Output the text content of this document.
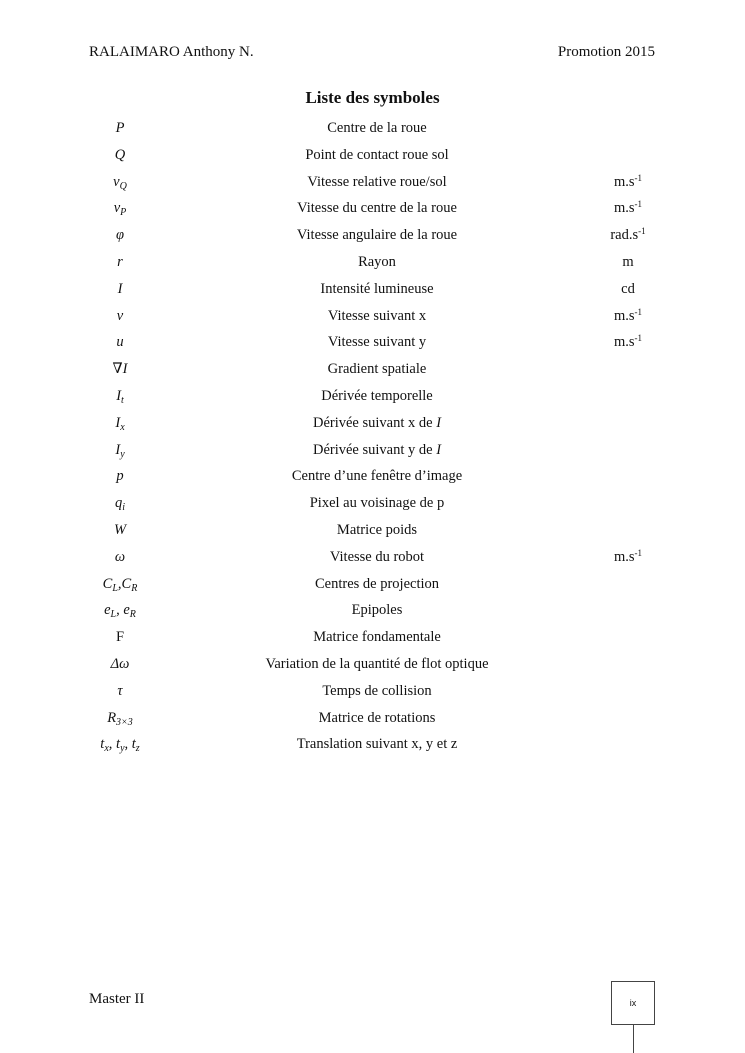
RALAIMARO Anthony N.	Promotion 2015
Liste des symboles
P	Centre de la roue
Q	Point de contact roue sol
$v_Q$	Vitesse relative roue/sol	$m.s^{-1}$
$v_P$	Vitesse du centre de la roue	$m.s^{-1}$
φ	Vitesse angulaire de la roue	$rad.s^{-1}$
r	Rayon	m
I	Intensité lumineuse	cd
v	Vitesse suivant x	$m.s^{-1}$
u	Vitesse suivant y	$m.s^{-1}$
∇I	Gradient spatiale
$I_t$	Dérivée temporelle
$I_x$	Dérivée suivant x de I
$I_y$	Dérivée suivant y de I
p	Centre d’une fenêtre d’image
$q_i$	Pixel au voisinage de p
W	Matrice poids
ω	Vitesse du robot	$m.s^{-1}$
$C_L,C_R$	Centres de projection
$e_L$, $e_R$	Epipoles
F	Matrice fondamentale
Δω	Variation de la quantité de flot optique
τ	Temps de collision
$R_{3\times 3}$	Matrice de rotations
$t_x$, $t_y$, $t_z$	Translation suivant x, y et z
Master II	ix
